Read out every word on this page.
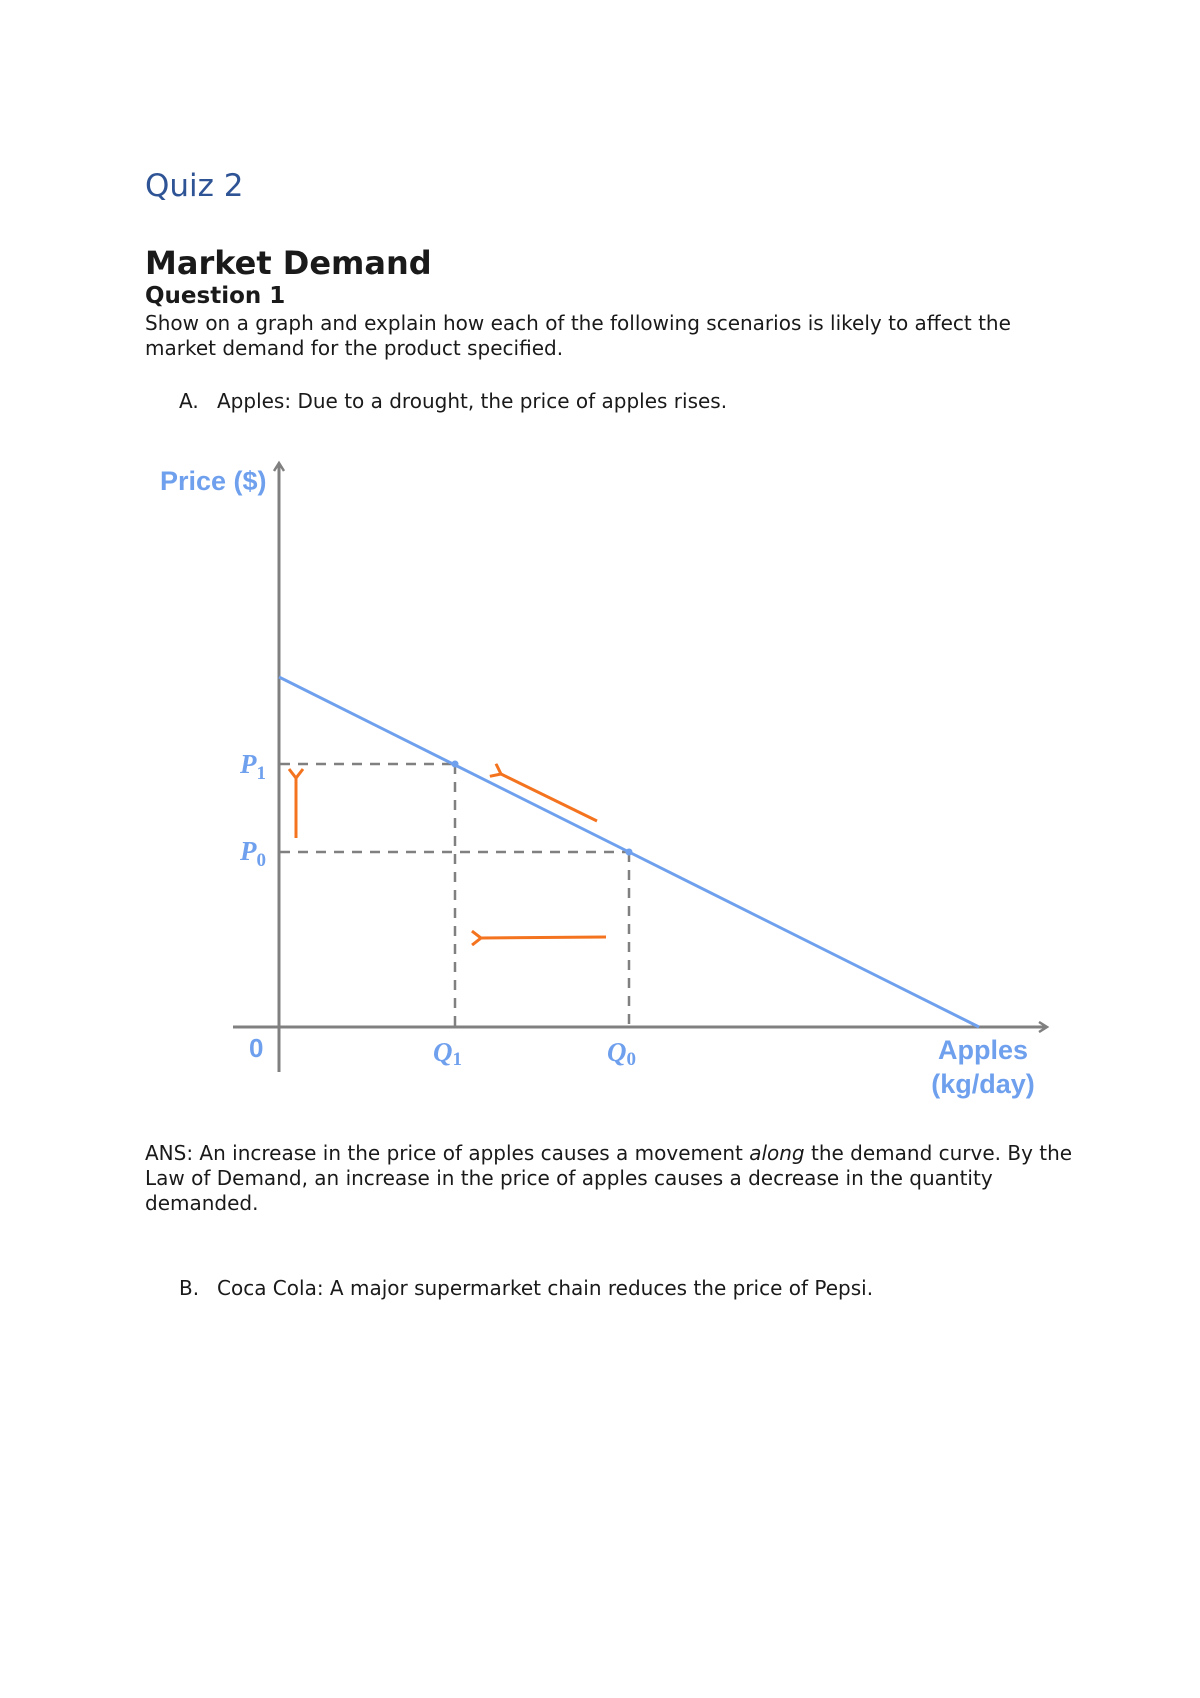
Quiz 2
Market Demand
Question 1

Show on a graph and explain how each of the following scenarios is likely to affect the market demand for the product specified.

A. Apples: Due to a drought, the price of apples rises.

Price ($)
0	Apples
(kg/day)
$P_1$
$P_0$
Q1	Q0

ANS: An increase in the price of apples causes a movement along the demand curve. By the Law of Demand, an increase in the price of apples causes a decrease in the quantity demanded.

B. Coca Cola: A major supermarket chain reduces the price of Pepsi.
